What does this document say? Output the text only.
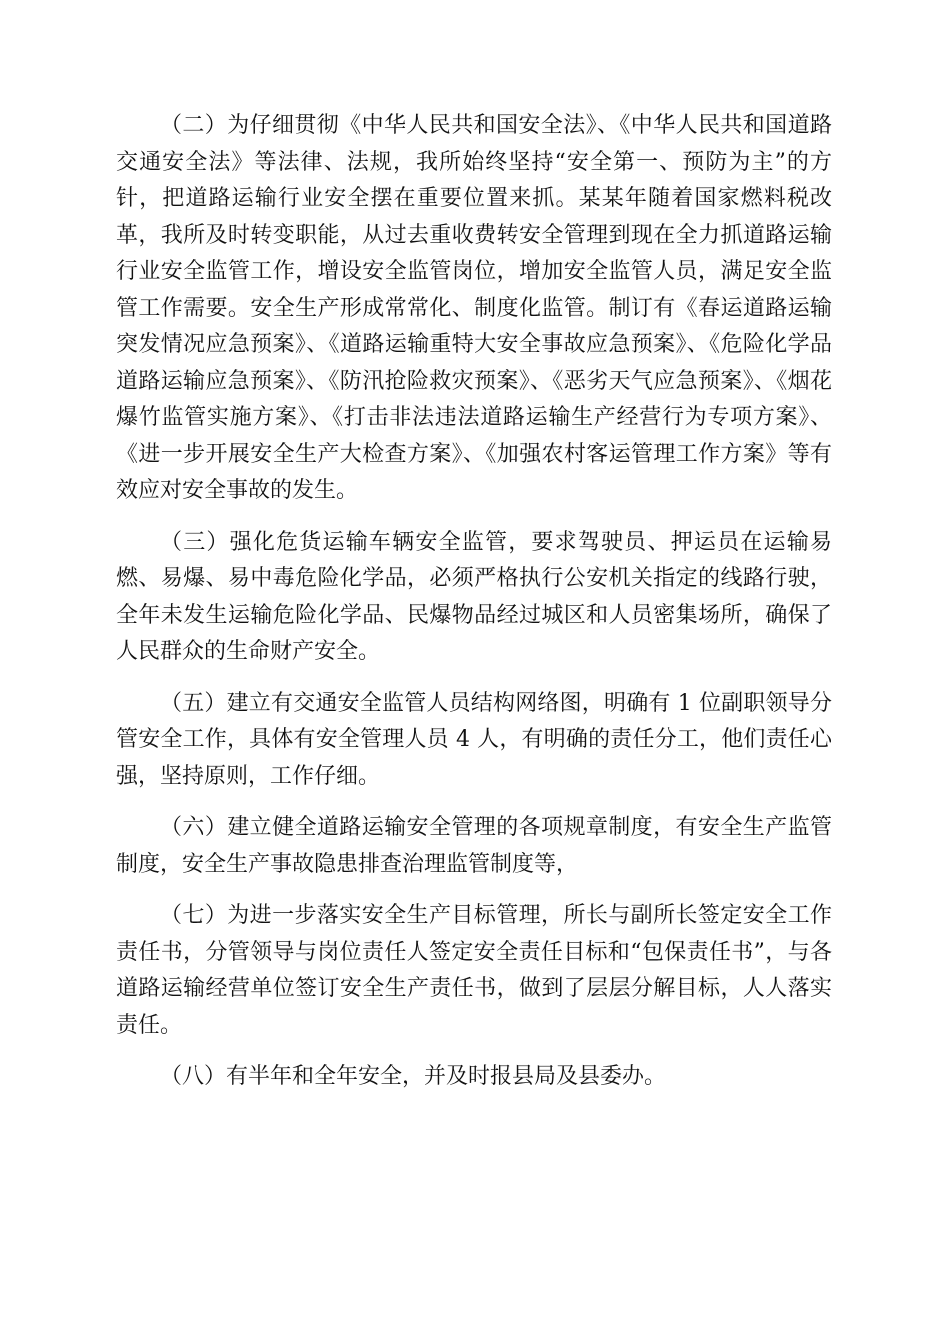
（二）为仔细贯彻《中华人民共和国安全法》、《中华人民共和国道路交通安全法》等法律、法规，我所始终坚持“安全第一、预防为主”的方针，把道路运输行业安全摆在重要位置来抓。某某年随着国家燃料税改革，我所及时转变职能，从过去重收费转安全管理到现在全力抓道路运输行业安全监管工作，增设安全监管岗位，增加安全监管人员，满足安全监管工作需要。安全生产形成常常化、制度化监管。制订有《春运道路运输突发情况应急预案》、《道路运输重特大安全事故应急预案》、《危险化学品道路运输应急预案》、《防汛抢险救灾预案》、《恶劣天气应急预案》、《烟花爆竹监管实施方案》、《打击非法违法道路运输生产经营行为专项方案》、《进一步开展安全生产大检查方案》、《加强农村客运管理工作方案》等有效应对安全事故的发生。

（三）强化危货运输车辆安全监管，要求驾驶员、押运员在运输易燃、易爆、易中毒危险化学品，必须严格执行公安机关指定的线路行驶，全年未发生运输危险化学品、民爆物品经过城区和人员密集场所，确保了人民群众的生命财产安全。

（五）建立有交通安全监管人员结构网络图，明确有 1 位副职领导分管安全工作，具体有安全管理人员 4 人，有明确的责任分工，他们责任心强，坚持原则，工作仔细。

（六）建立健全道路运输安全管理的各项规章制度，有安全生产监管制度，安全生产事故隐患排查治理监管制度等，

（七）为进一步落实安全生产目标管理，所长与副所长签定安全工作责任书，分管领导与岗位责任人签定安全责任目标和“包保责任书”，与各道路运输经营单位签订安全生产责任书，做到了层层分解目标，人人落实责任。

（八）有半年和全年安全，并及时报县局及县委办。
